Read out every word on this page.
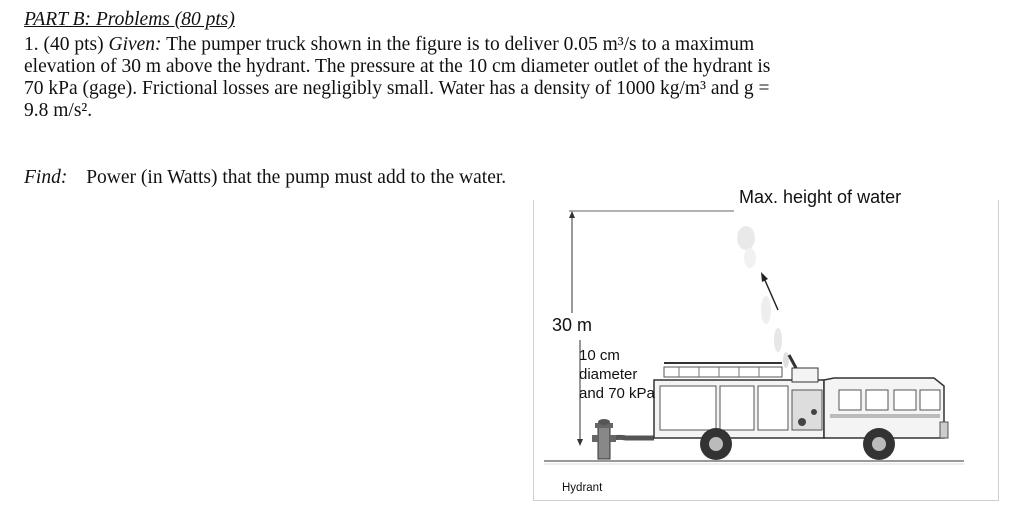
PART B: Problems (80 pts)
1. (40 pts) Given: The pumper truck shown in the figure is to deliver 0.05 m³/s to a maximum
elevation of 30 m above the hydrant. The pressure at the 10 cm diameter outlet of the hydrant is
70 kPa (gage). Frictional losses are negligibly small. Water has a density of 1000 kg/m³ and g =
9.8 m/s².
Find: Power (in Watts) that the pump must add to the water.
Max. height of water
30 m
10 cm diameter and 70 kPa
Hydrant
